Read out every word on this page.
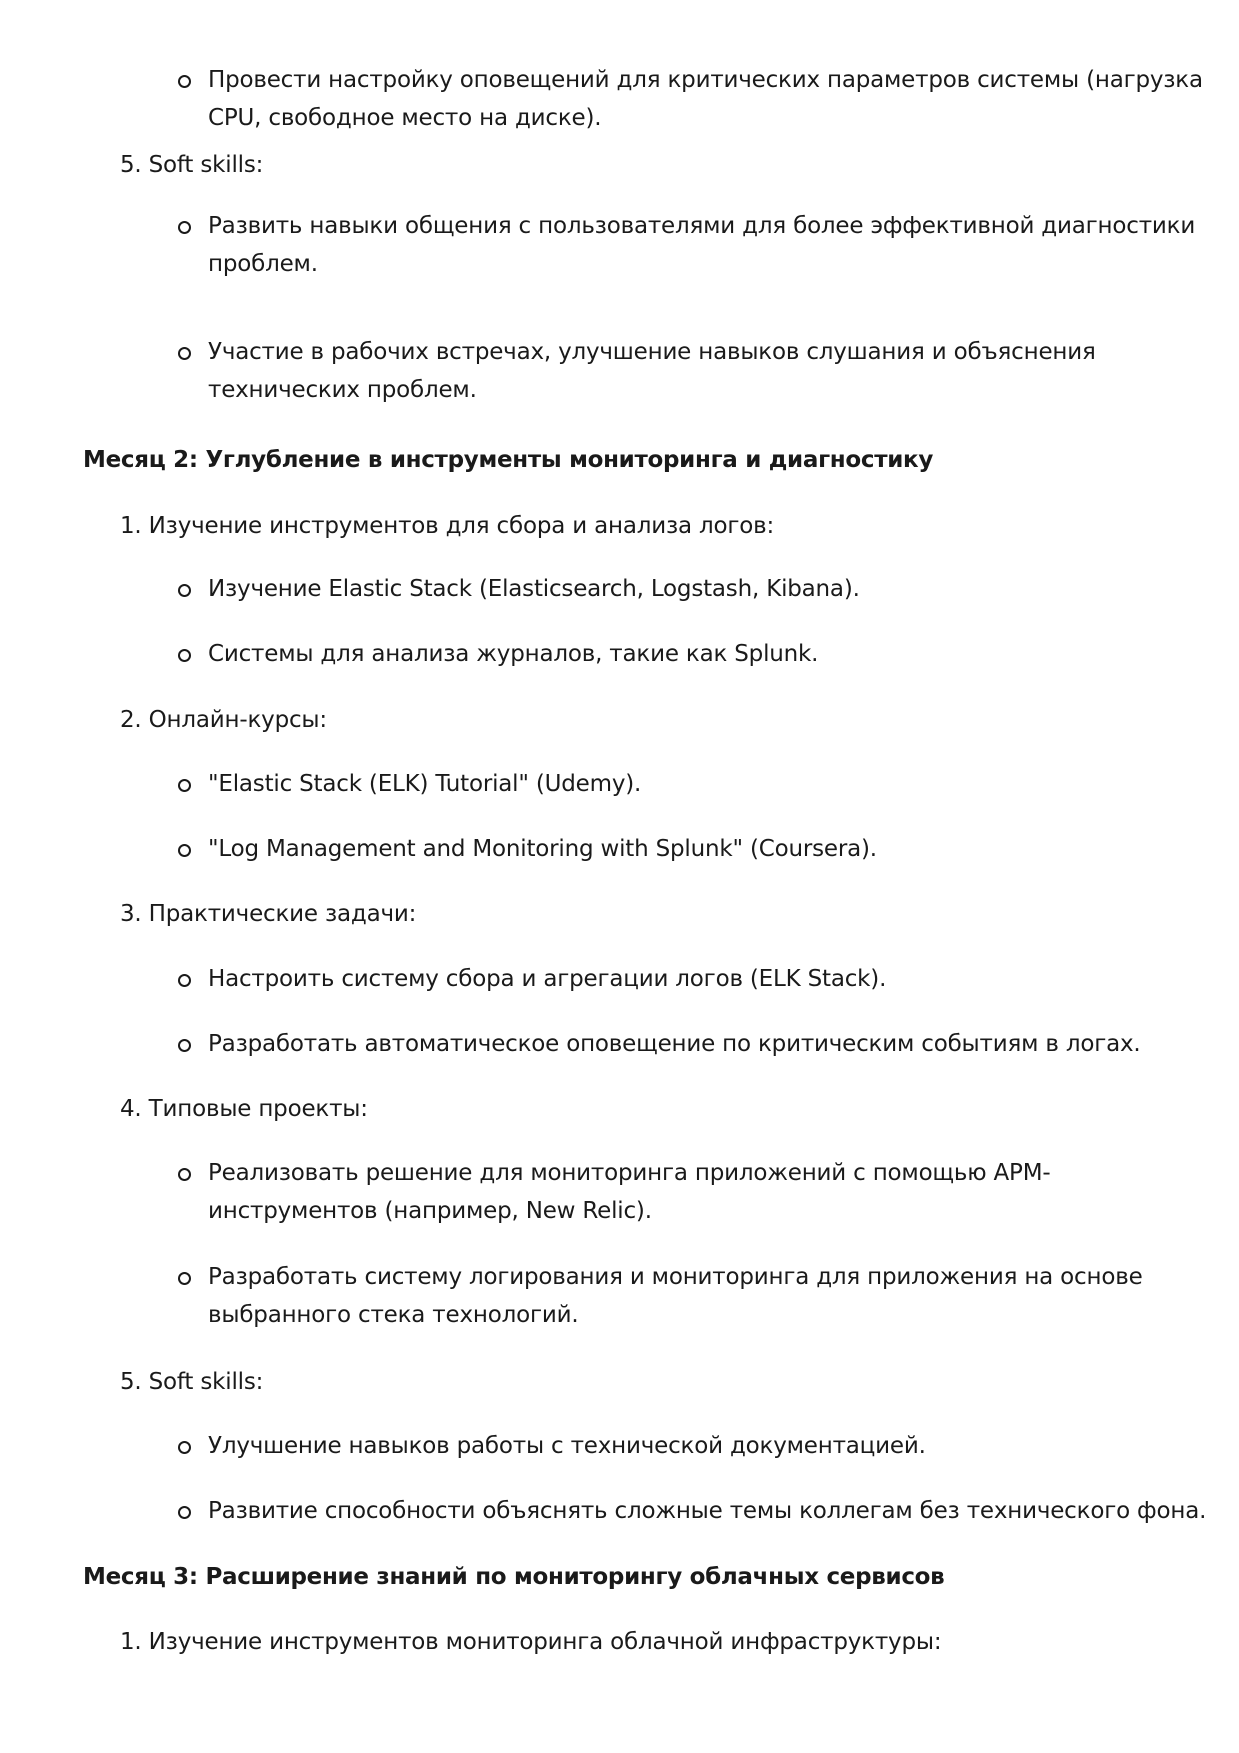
Провести настройку оповещений для критических параметров системы (нагрузка
CPU, свободное место на диске).
5. Soft skills:
Развить навыки общения с пользователями для более эффективной диагностики
проблем.
Участие в рабочих встречах, улучшение навыков слушания и объяснения
технических проблем.
Месяц 2: Углубление в инструменты мониторинга и диагностику
1. Изучение инструментов для сбора и анализа логов:
Изучение Elastic Stack (Elasticsearch, Logstash, Kibana).
Системы для анализа журналов, такие как Splunk.
2. Онлайн-курсы:
"Elastic Stack (ELK) Tutorial" (Udemy).
"Log Management and Monitoring with Splunk" (Coursera).
3. Практические задачи:
Настроить систему сбора и агрегации логов (ELK Stack).
Разработать автоматическое оповещение по критическим событиям в логах.
4. Типовые проекты:
Реализовать решение для мониторинга приложений с помощью APM-
инструментов (например, New Relic).
Разработать систему логирования и мониторинга для приложения на основе
выбранного стека технологий.
5. Soft skills:
Улучшение навыков работы с технической документацией.
Развитие способности объяснять сложные темы коллегам без технического фона.
Месяц 3: Расширение знаний по мониторингу облачных сервисов
1. Изучение инструментов мониторинга облачной инфраструктуры:
